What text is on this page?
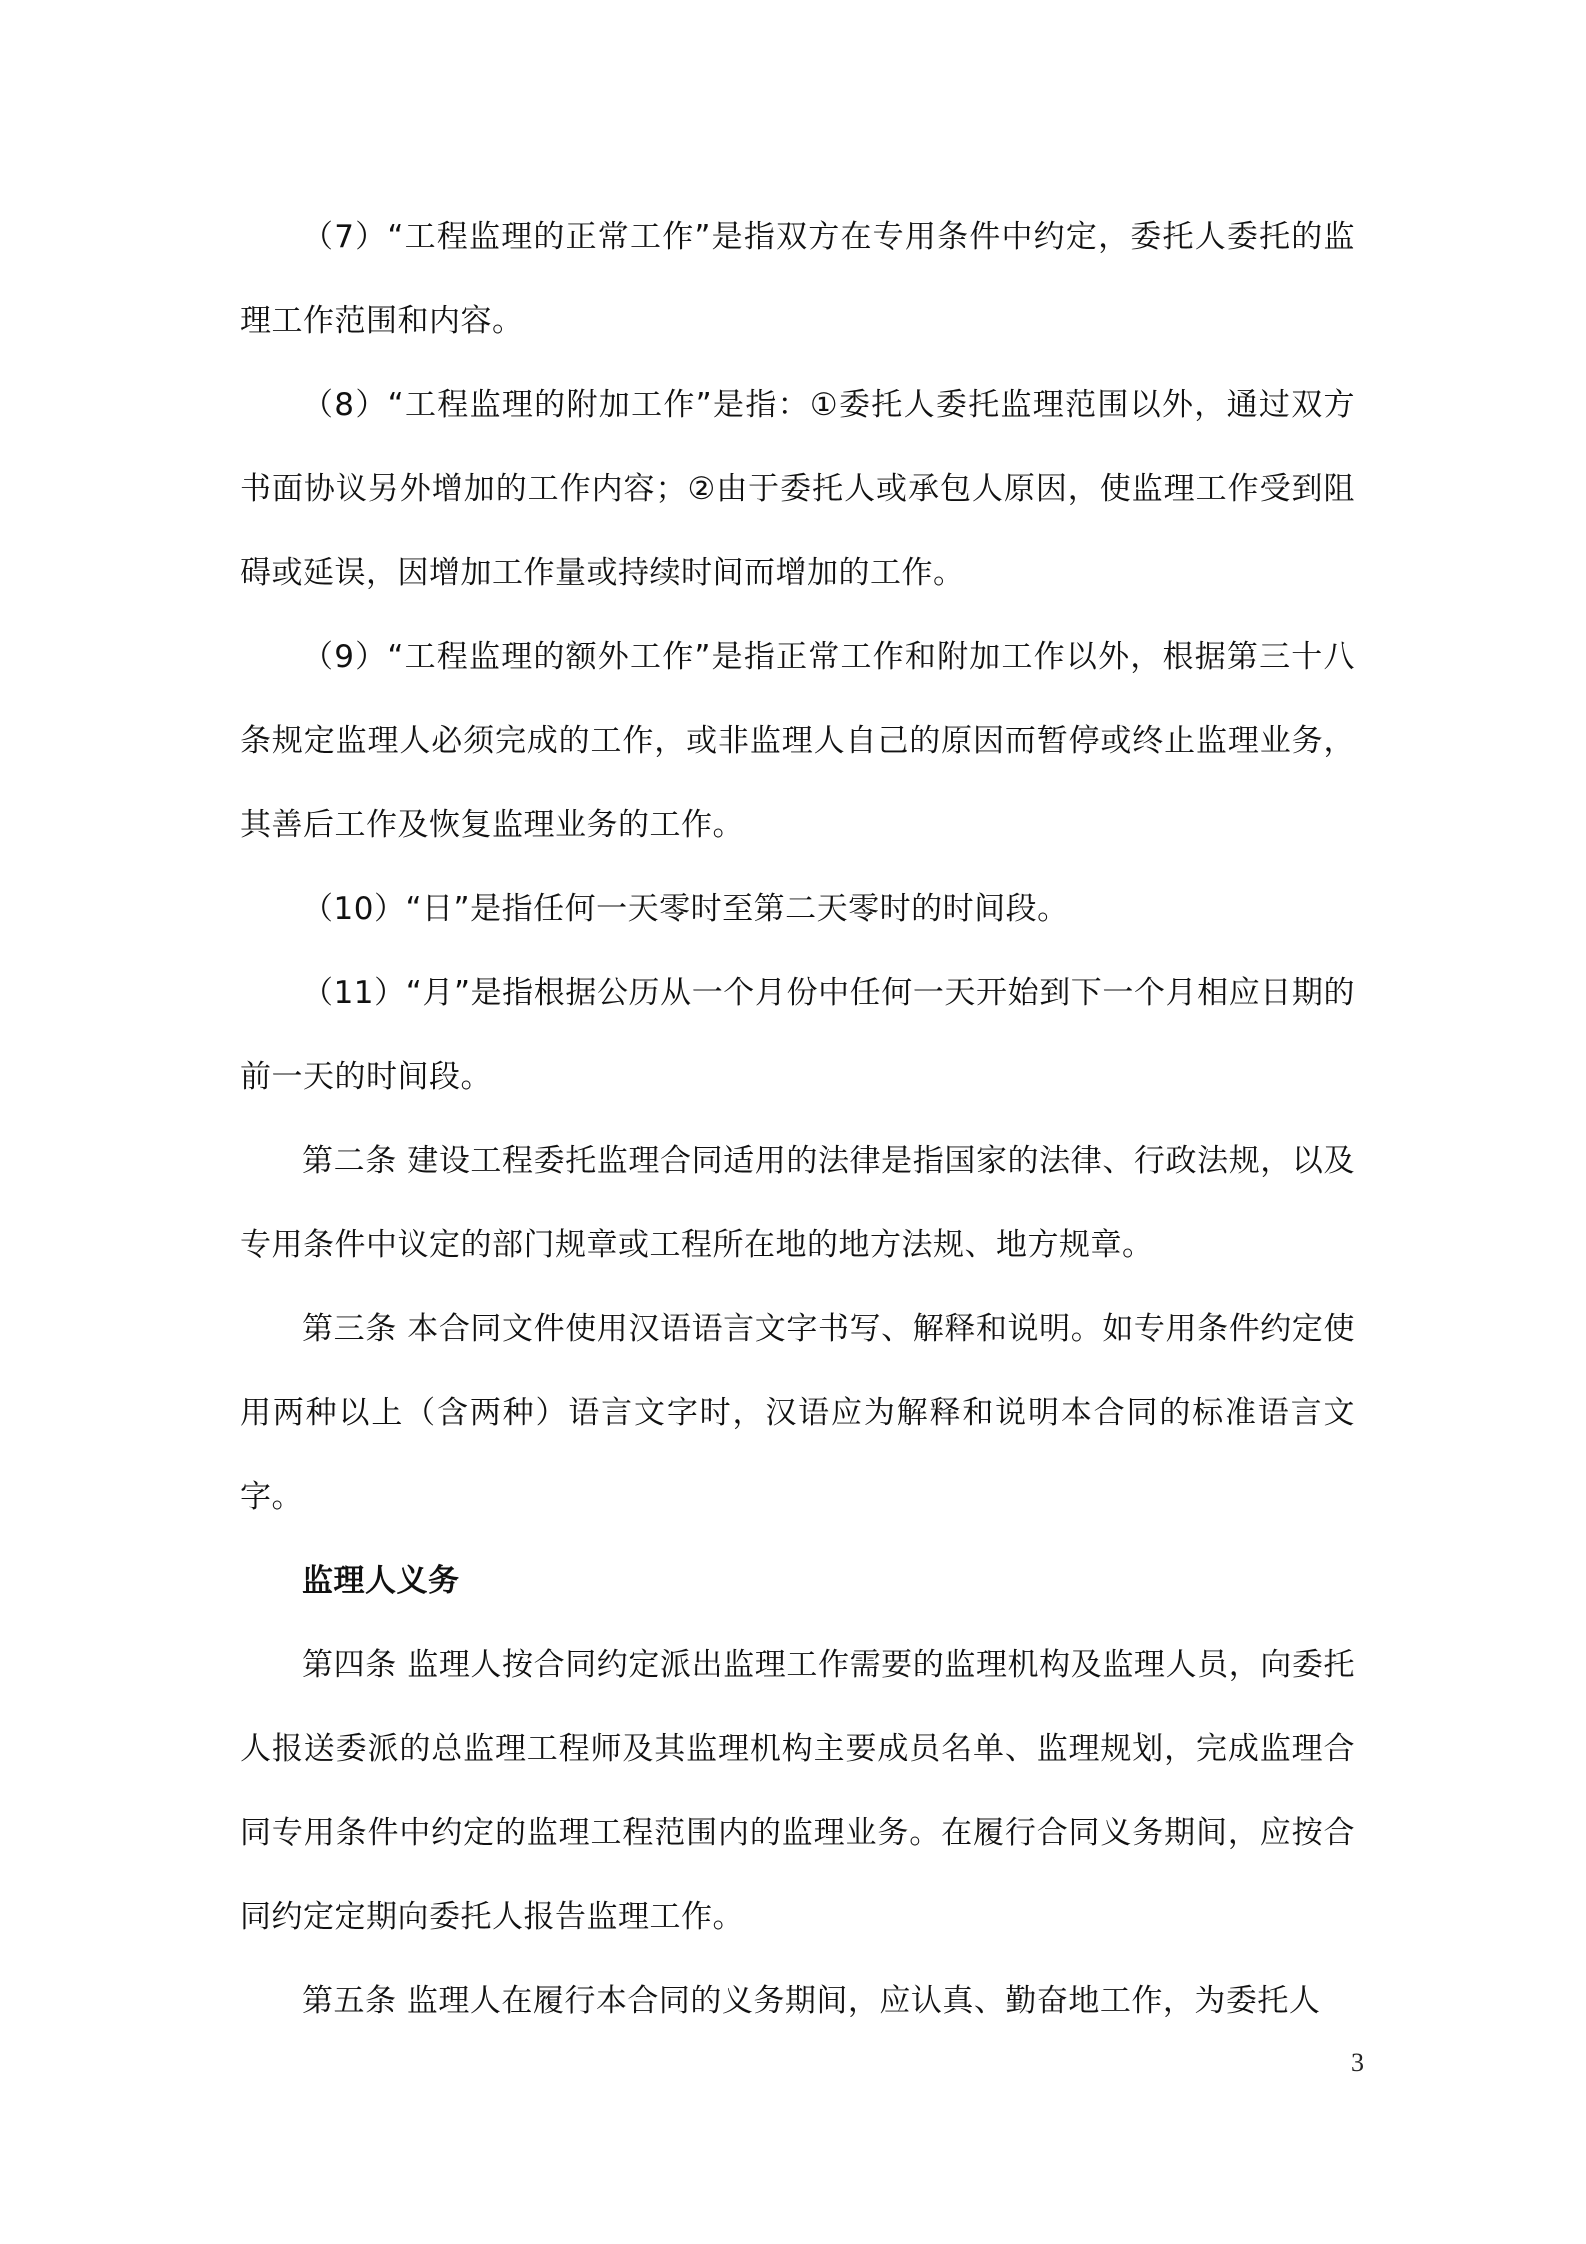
（7）“工程监理的正常工作”是指双方在专用条件中约定，委托人委托的监理工作范围和内容。

（8）“工程监理的附加工作”是指：①委托人委托监理范围以外，通过双方书面协议另外增加的工作内容；②由于委托人或承包人原因，使监理工作受到阻碍或延误，因增加工作量或持续时间而增加的工作。

（9）“工程监理的额外工作”是指正常工作和附加工作以外，根据第三十八条规定监理人必须完成的工作，或非监理人自己的原因而暂停或终止监理业务，其善后工作及恢复监理业务的工作。

（10）“日”是指任何一天零时至第二天零时的时间段。

（11）“月”是指根据公历从一个月份中任何一天开始到下一个月相应日期的前一天的时间段。

第二条 建设工程委托监理合同适用的法律是指国家的法律、行政法规，以及专用条件中议定的部门规章或工程所在地的地方法规、地方规章。

第三条 本合同文件使用汉语语言文字书写、解释和说明。如专用条件约定使用两种以上（含两种）语言文字时，汉语应为解释和说明本合同的标准语言文字。

监理人义务

第四条 监理人按合同约定派出监理工作需要的监理机构及监理人员，向委托人报送委派的总监理工程师及其监理机构主要成员名单、监理规划，完成监理合同专用条件中约定的监理工程范围内的监理业务。在履行合同义务期间，应按合同约定定期向委托人报告监理工作。

第五条 监理人在履行本合同的义务期间，应认真、勤奋地工作，为委托人

3
